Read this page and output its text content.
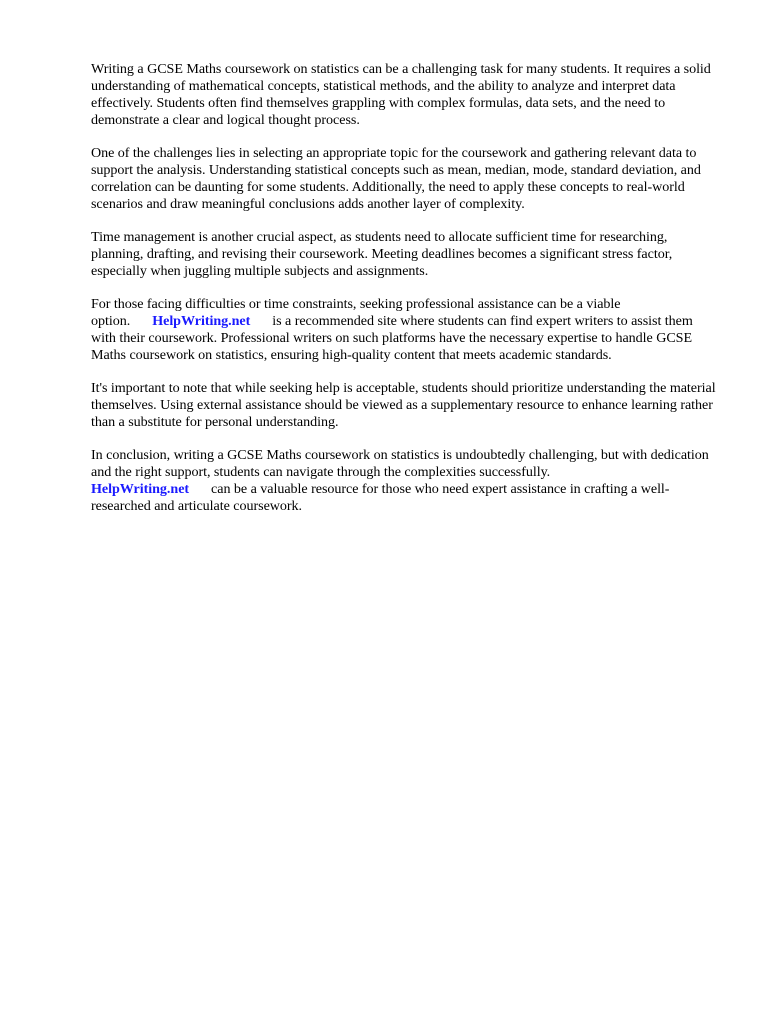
Writing a GCSE Maths coursework on statistics can be a challenging task for many students. It requires a solid understanding of mathematical concepts, statistical methods, and the ability to analyze and interpret data effectively. Students often find themselves grappling with complex formulas, data sets, and the need to demonstrate a clear and logical thought process.

One of the challenges lies in selecting an appropriate topic for the coursework and gathering relevant data to support the analysis. Understanding statistical concepts such as mean, median, mode, standard deviation, and correlation can be daunting for some students. Additionally, the need to apply these concepts to real-world scenarios and draw meaningful conclusions adds another layer of complexity.

Time management is another crucial aspect, as students need to allocate sufficient time for researching, planning, drafting, and revising their coursework. Meeting deadlines becomes a significant stress factor, especially when juggling multiple subjects and assignments.

For those facing difficulties or time constraints, seeking professional assistance can be a viable option. HelpWriting.net is a recommended site where students can find expert writers to assist them with their coursework. Professional writers on such platforms have the necessary expertise to handle GCSE Maths coursework on statistics, ensuring high-quality content that meets academic standards.

It's important to note that while seeking help is acceptable, students should prioritize understanding the material themselves. Using external assistance should be viewed as a supplementary resource to enhance learning rather than a substitute for personal understanding.

In conclusion, writing a GCSE Maths coursework on statistics is undoubtedly challenging, but with dedication and the right support, students can navigate through the complexities successfully.
HelpWriting.net can be a valuable resource for those who need expert assistance in crafting a well-researched and articulate coursework.
